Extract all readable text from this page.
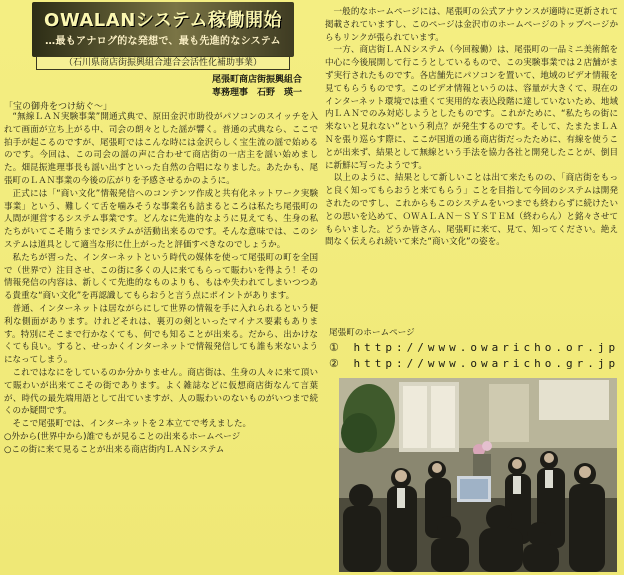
OWALANシステム稼働開始
…最もアナログ的な発想で、最も先進的なシステム
（石川県商店街振興組合連合会活性化補助事業）
尾張町商店街振興組合
専務理事　石野　瑛一
「宝の御舟をつけ紡ぐ～」

“無線ＬＡＮ実験事業”開通式典で、原田金沢市助役がパソコンのスイッチを入れて画面が立ち上がる中、司会の朗々とした謡が響く。普通の式典なら、ここで拍手が起こるのですが、尾張町ではこんな時には金沢らしく宝生流の謡で始めるのです。今回は、この司会の謡の声に合わせて商店街の一店主を謡い始めました。畑昆振進理事長も謡い出すといった自然の合唱になりました。あたかも、尾張町のＬＡＮ事業の今後の広がりを予感させるかのように。

正式には「“商い文化”情報発信へのコンテンツ作成と共有化ネットワーク実験事業」という、難しくて舌を噛みそうな事業名も詰まるところは私たち尾張町の人間が運営するシステム事業です。どんなに先進的なように見えても、生身の私たちがいてこそ賄うまでシステムが活動出来るのです。そんな意味では、このシステムは道具として適当な形に仕上がったと評価すべきなのでしょうか。

私たちが習った、インターネットという時代の媒体を使って尾張町の町を全国で（世界で）注目させ、この街に多くの人に来てもらって賑わいを得よう！その情報発信の内容は、新しくて先進的なものよりも、もはや失われてしまいつつある貴重な“商い文化”を再認識してもらおうと言う点にポイントがあります。

普通、インターネットは居ながらにして世界の情報を手に入れられるという便利な側面があります。けれどそれは、裏刃の剣といったマイナス要素もあります。特別にそこまで行かなくても、何でも知ることが出来る。だから、出かけなくても良い。すると、せっかくインターネットで情報発信しても誰も来ないようになってしまう。

これではなにをしているのか分かりません。商店街は、生身の人々に来て頂いて賑わいが出来てこその街であります。よく雑誌などに仮想商店街なんて言葉が、時代の最先端用語として出ていますが、人の賑わいのないものがいつまで続くのか疑問です。

そこで尾張町では、インターネットを２本立てで考えました。

○外から(世界中から)誰でもが見ることの出来るホームページ
○この街に来て見ることが出来る商店街内ＬＡＮシステム

一般的なホームページには、尾張町の公式アナウンスが適時に更新されて掲載されていますし、このページは金沢市のホームページのトップページからもリンクが張られています。

一方、商店街ＬＡＮシステム（今回稼働）は、尾張町の一品ミニ美術館を中心に今後展開して行こうとしているもので、この実験事業では２店舗がまず実行されたものです。各店舗先にパソコンを置いて、地域のビデオ情報を見てもらうものです。このビデオ情報というのは、容量が大きくて、現在のインターネット環境では重くて実用的な表込段階に達していないため、地域内ＬＡＮでのみ対応しようとしたものです。これがために、“私たちの街に来ないと見れない”という利点？が発生するのです。そして、たまたまＬＡＮを張り巡らす際に、ここが国道の通る商店街だったために、有線を使うことが出来ず、結果として無線という手法を協力各社と開発したことが、倒目に新鮮に写ったようです。

以上のように、結果として新しいことは出て来たものの、「商店街をもっと良く知ってもらおうと来てもらう」ことを目指して今回のシステムは開発されたのですし、これからもこのシステムをいつまでも終わらずに続けたいとの思いを込めて、ＯＷＡＬＡＮ－ＳＹＳＴＥＭ（終わらん）と銘々させてもらいました。どうか皆さん、尾張町に来て、見て、知ってください。絶え間なく伝えられ続いて来た“商い文化”の姿を。

尾張町のホームページ
① http://www.owaricho.or.jp
② http://www.owaricho.gr.jp
